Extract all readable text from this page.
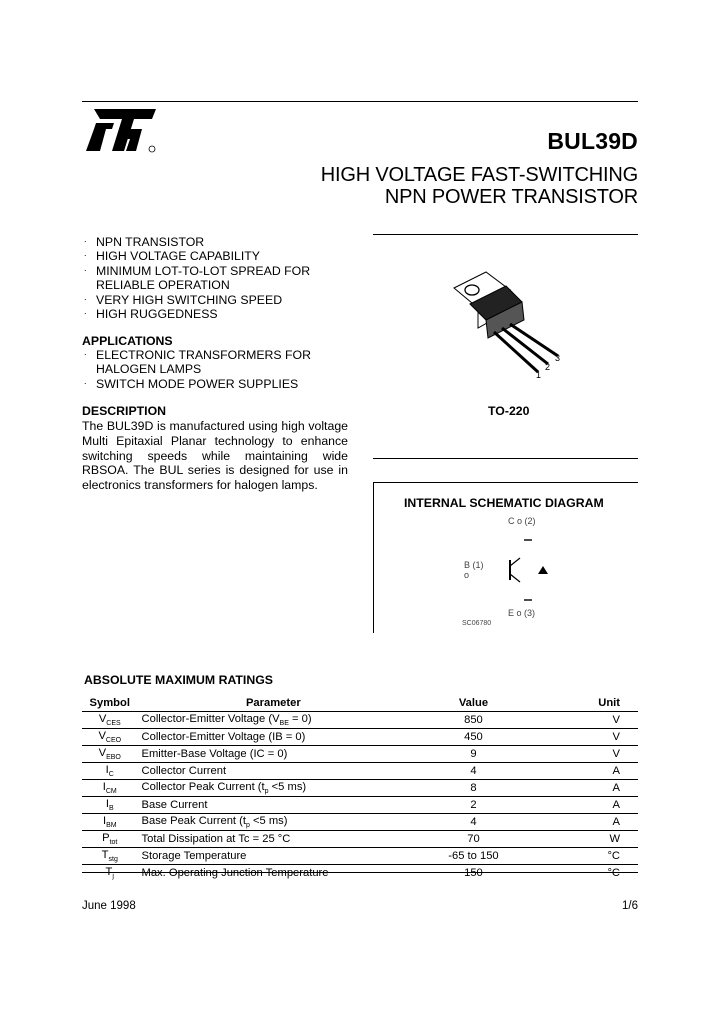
BUL39D
HIGH VOLTAGE FAST-SWITCHING
NPN POWER TRANSISTOR
. NPN TRANSISTOR
. HIGH VOLTAGE CAPABILITY
. MINIMUM LOT-TO-LOT SPREAD FOR RELIABLE OPERATION
. VERY HIGH SWITCHING SPEED
. HIGH RUGGEDNESS
APPLICATIONS
. ELECTRONIC TRANSFORMERS FOR HALOGEN LAMPS
. SWITCH MODE POWER SUPPLIES
DESCRIPTION
The BUL39D is manufactured using high voltage Multi Epitaxial Planar technology to enhance switching speeds while maintaining wide RBSOA. The BUL series is designed for use in electronics transformers for halogen lamps.
1
2
3
TO-220
INTERNAL SCHEMATIC DIAGRAM
C o (2)
B (1) o
E o (3)
SC06780
ABSOLUTE MAXIMUM RATINGS
Symbol	Parameter	Value	Unit
$V_{CES}$	Collector-Emitter Voltage $(V_{BE} = 0)$	850	V
$V_{CEO}$	Collector-Emitter Voltage (IB = 0)	450	V
$V_{EBO}$	Emitter-Base Voltage (IC = 0)	9	V
$I_C$	Collector Current	4	A
$I_{CM}$	Collector Peak Current ($t_p <5$ ms)	8	A
$I_B$	Base Current	2	A
$I_{BM}$	Base Peak Current ($t_p <5$ ms)	4	A
$P_{tot}$	Total Dissipation at Tc = 25 °C	70	W
$T_{stg}$	Storage Temperature	-65 to 150	°C
$T_j$	Max. Operating Junction Temperature	150	°C
June 1998	1/6
